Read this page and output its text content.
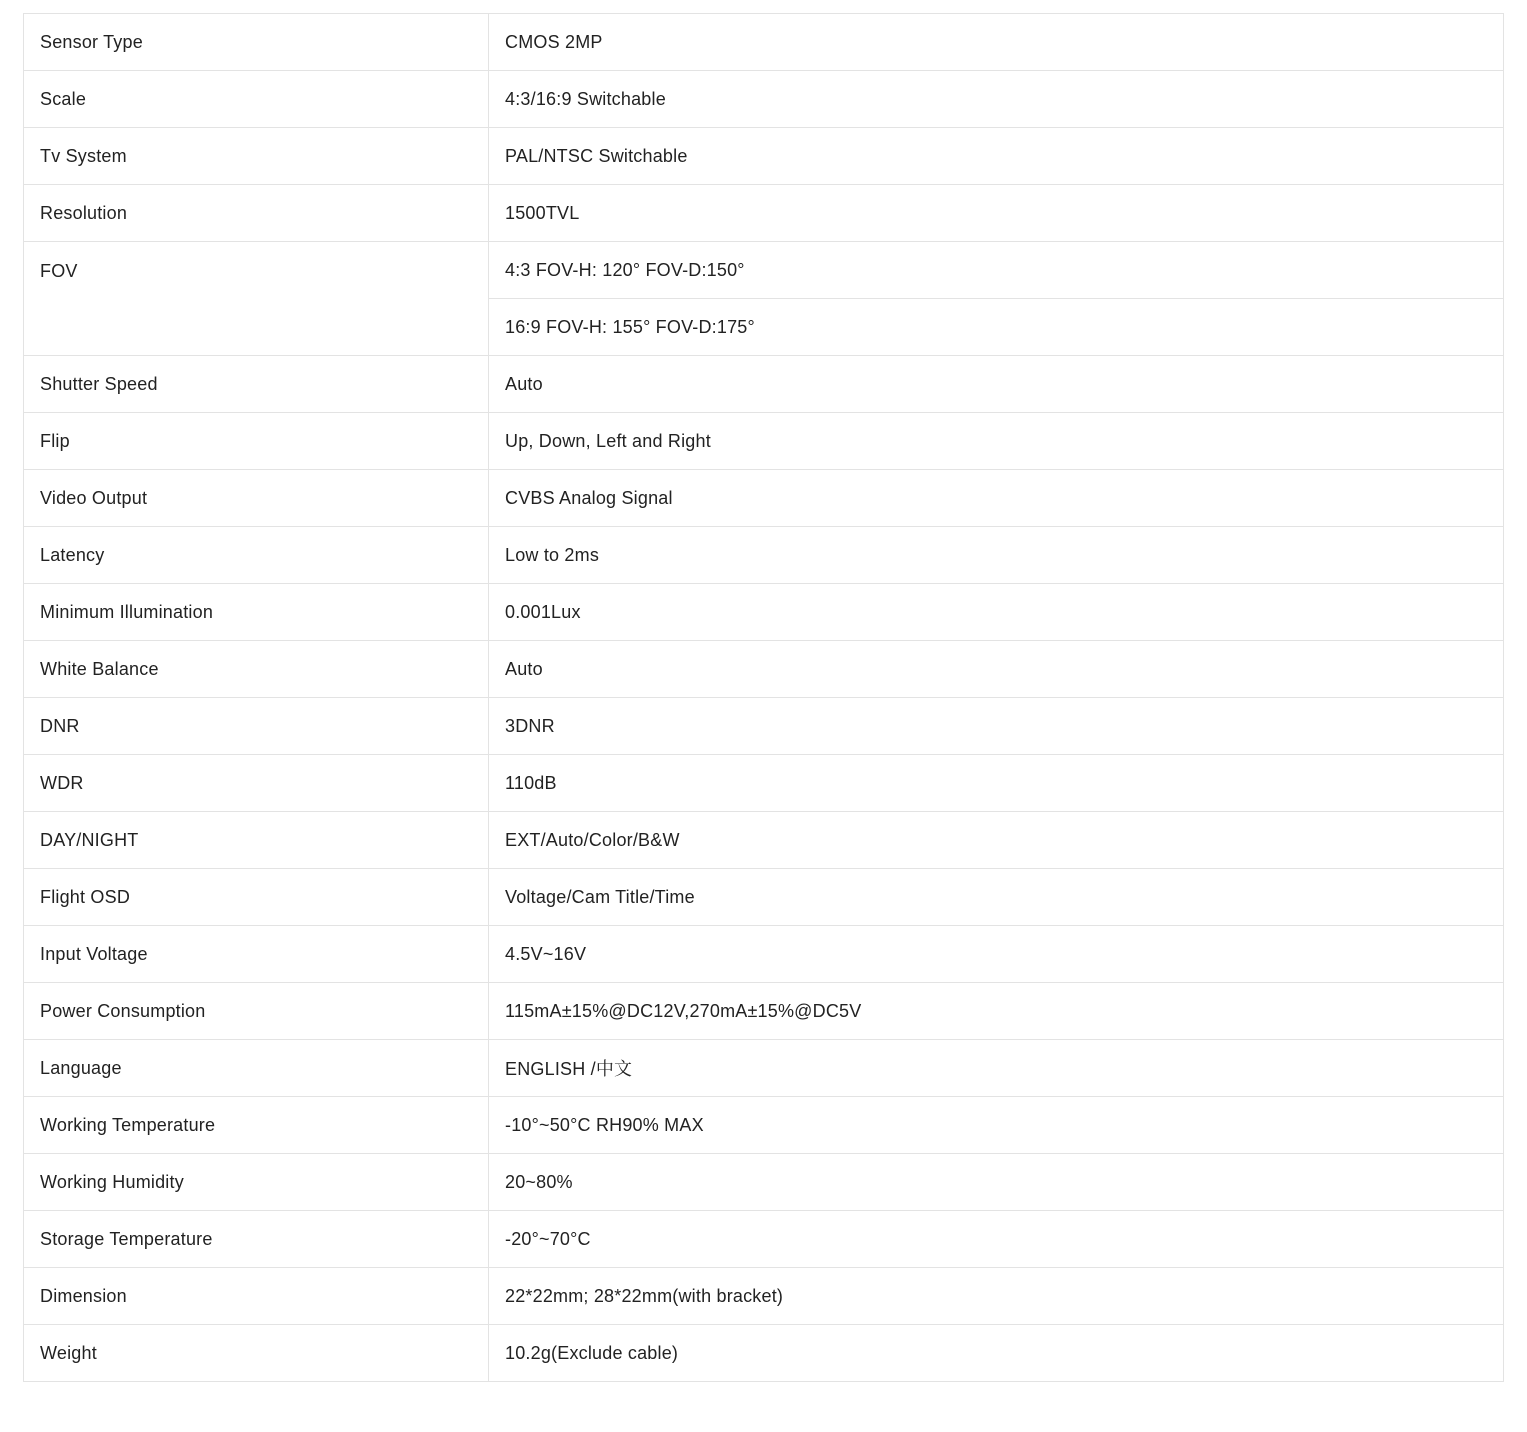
Sensor Type	CMOS 2MP
Scale	4:3/16:9 Switchable
Tv System	PAL/NTSC Switchable
Resolution	1500TVL
FOV	4:3 FOV-H: 120° FOV-D:150°
	16:9 FOV-H: 155° FOV-D:175°
Shutter Speed	Auto
Flip	Up, Down, Left and Right
Video Output	CVBS Analog Signal
Latency	Low to 2ms
Minimum Illumination	0.001Lux
White Balance	Auto
DNR	3DNR
WDR	110dB
DAY/NIGHT	EXT/Auto/Color/B&W
Flight OSD	Voltage/Cam Title/Time
Input Voltage	4.5V~16V
Power Consumption	115mA±15%@DC12V,270mA±15%@DC5V
Language	ENGLISH /中文
Working Temperature	-10°~50°C RH90% MAX
Working Humidity	20~80%
Storage Temperature	-20°~70°C
Dimension	22*22mm; 28*22mm(with bracket)
Weight	10.2g(Exclude cable)
